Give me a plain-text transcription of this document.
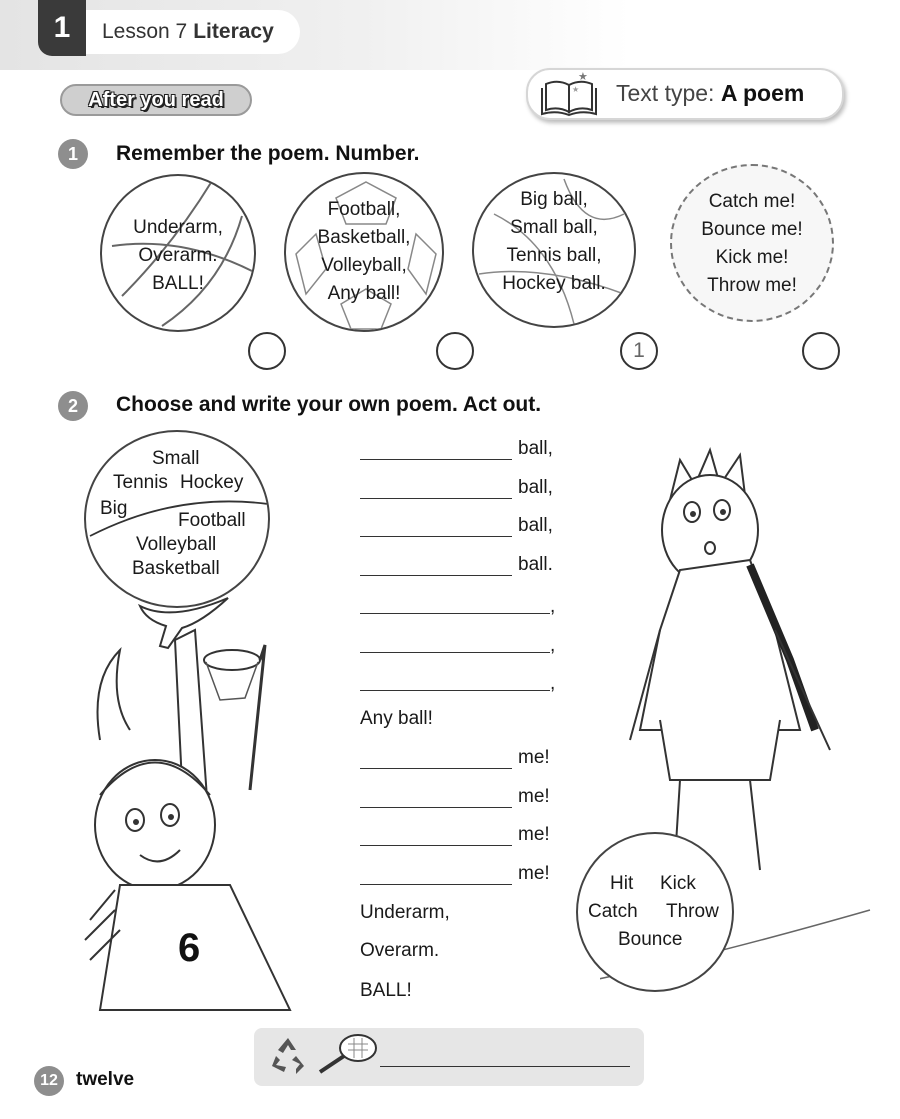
1	Lesson 7 Literacy
After you read
★
★ Text type: A poem
1	Remember the poem. Number.
Underarm,
Overarm.
BALL!
Football,
Basketball,
Volleyball,
Any ball!
Big ball,
Small ball,
Tennis ball,
Hockey ball.
1
Catch me!
Bounce me!
Kick me!
Throw me!
2	Choose and write your own poem. Act out.
6
Small
Tennis Hockey
Big
Football
Volleyball
Basketball
ball,
ball,
ball,
ball.
,
,
,
Any ball!
me!
me!
me!
me!
Underarm,
Overarm.
BALL!
Hit Kick
Catch Throw
Bounce
12 twelve
